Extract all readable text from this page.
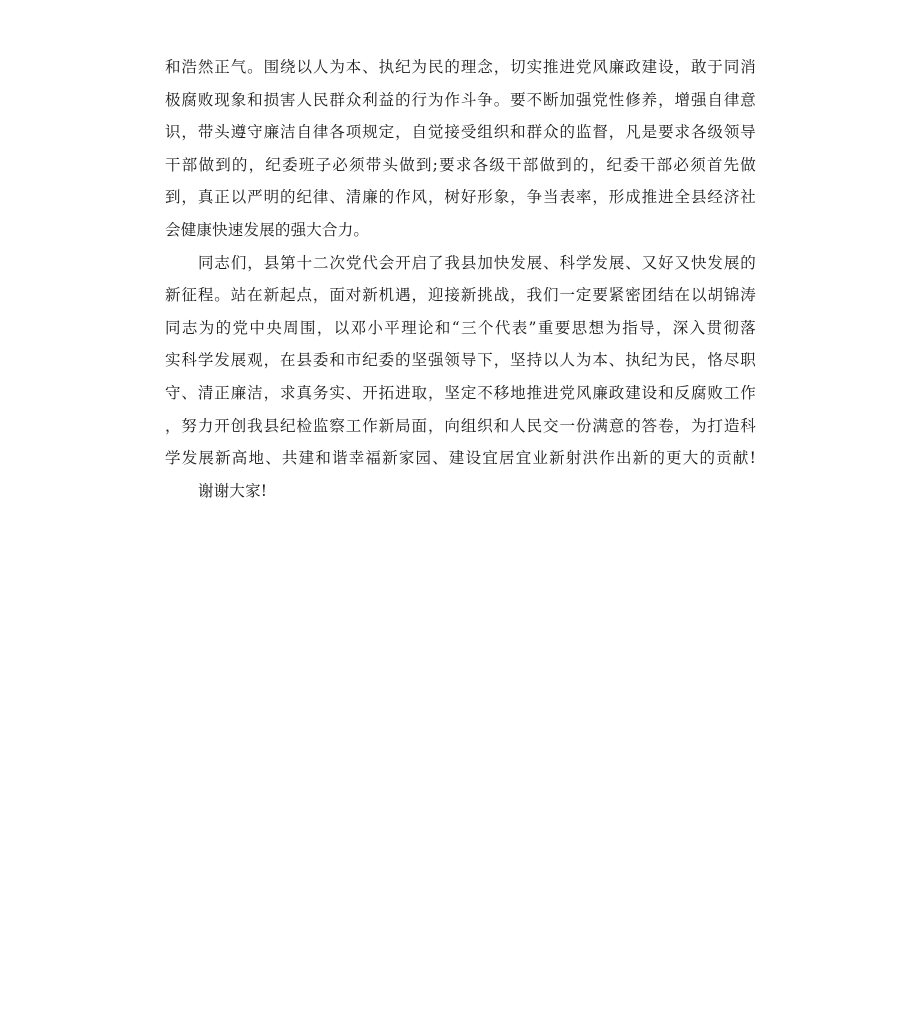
和浩然正气。围绕以人为本、执纪为民的理念，切实推进党风廉政建设，敢于同消
极腐败现象和损害人民群众利益的行为作斗争。要不断加强党性修养，增强自律意
识，带头遵守廉洁自律各项规定，自觉接受组织和群众的监督，凡是要求各级领导
干部做到的，纪委班子必须带头做到;要求各级干部做到的，纪委干部必须首先做
到，真正以严明的纪律、清廉的作风，树好形象，争当表率，形成推进全县经济社
会健康快速发展的强大合力。
同志们，县第十二次党代会开启了我县加快发展、科学发展、又好又快发展的
新征程。站在新起点，面对新机遇，迎接新挑战，我们一定要紧密团结在以胡锦涛
同志为的党中央周围，以邓小平理论和“三个代表”重要思想为指导，深入贯彻落
实科学发展观，在县委和市纪委的坚强领导下，坚持以人为本、执纪为民，恪尽职
守、清正廉洁，求真务实、开拓进取，坚定不移地推进党风廉政建设和反腐败工作
，努力开创我县纪检监察工作新局面，向组织和人民交一份满意的答卷，为打造科
学发展新高地、共建和谐幸福新家园、建设宜居宜业新射洪作出新的更大的贡献!
谢谢大家!
